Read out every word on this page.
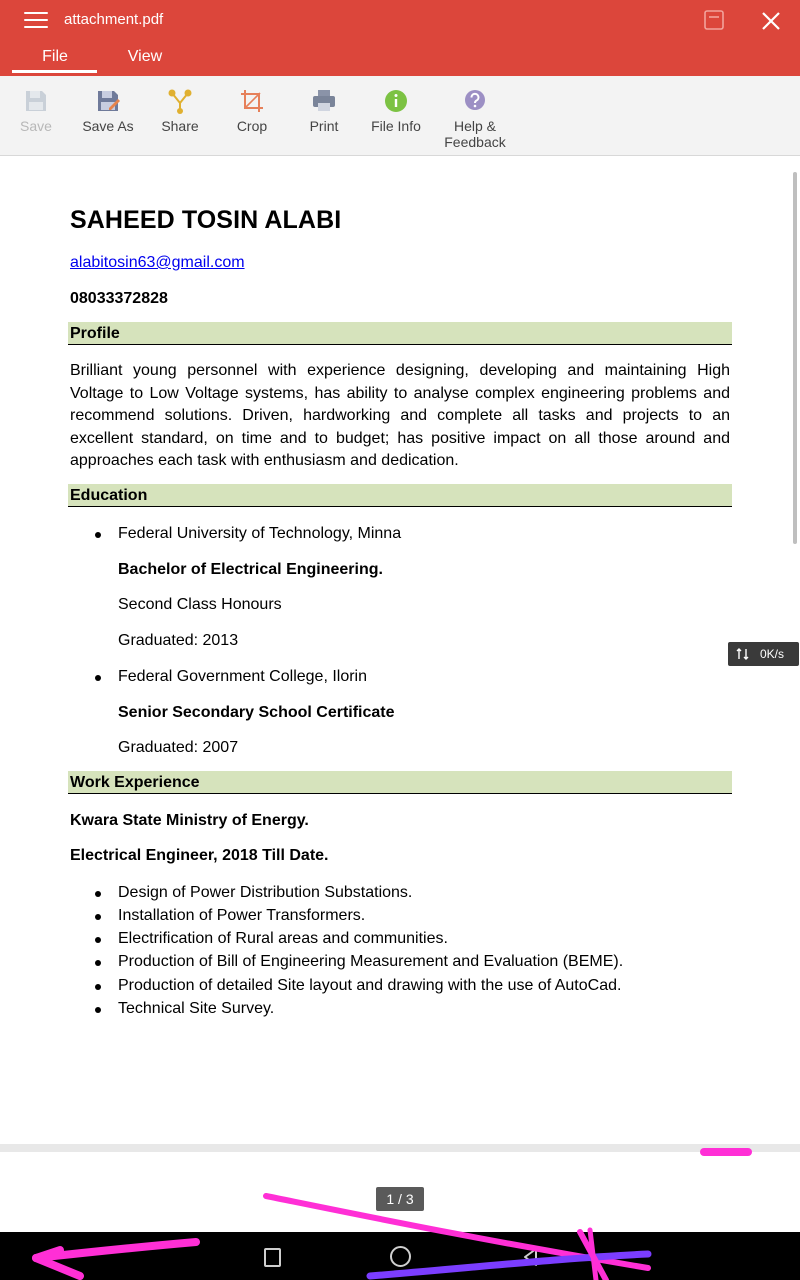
attachment.pdf
File	View
Save	Save As	Share	Crop	Print	File Info	Help &
Feedback
SAHEED TOSIN ALABI
alabitosin63@gmail.com
08033372828
Profile
Brilliant young personnel with experience designing, developing and maintaining High Voltage to Low Voltage systems, has ability to analyse complex engineering problems and recommend solutions. Driven, hardworking and complete all tasks and projects to an excellent standard, on time and to budget; has positive impact on all those around and approaches each task with enthusiasm and dedication.
Education
Federal University of Technology, Minna
Bachelor of Electrical Engineering.
Second Class Honours
Graduated: 2013
Federal Government College, Ilorin
Senior Secondary School Certificate
Graduated: 2007
Work Experience
Kwara State Ministry of Energy.
Electrical Engineer, 2018 Till Date.
Design of Power Distribution Substations.
Installation of Power Transformers.
Electrification of Rural areas and communities.
Production of Bill of Engineering Measurement and Evaluation (BEME).
Production of detailed Site layout and drawing with the use of AutoCad.
Technical Site Survey.
0K/s
1 / 3
